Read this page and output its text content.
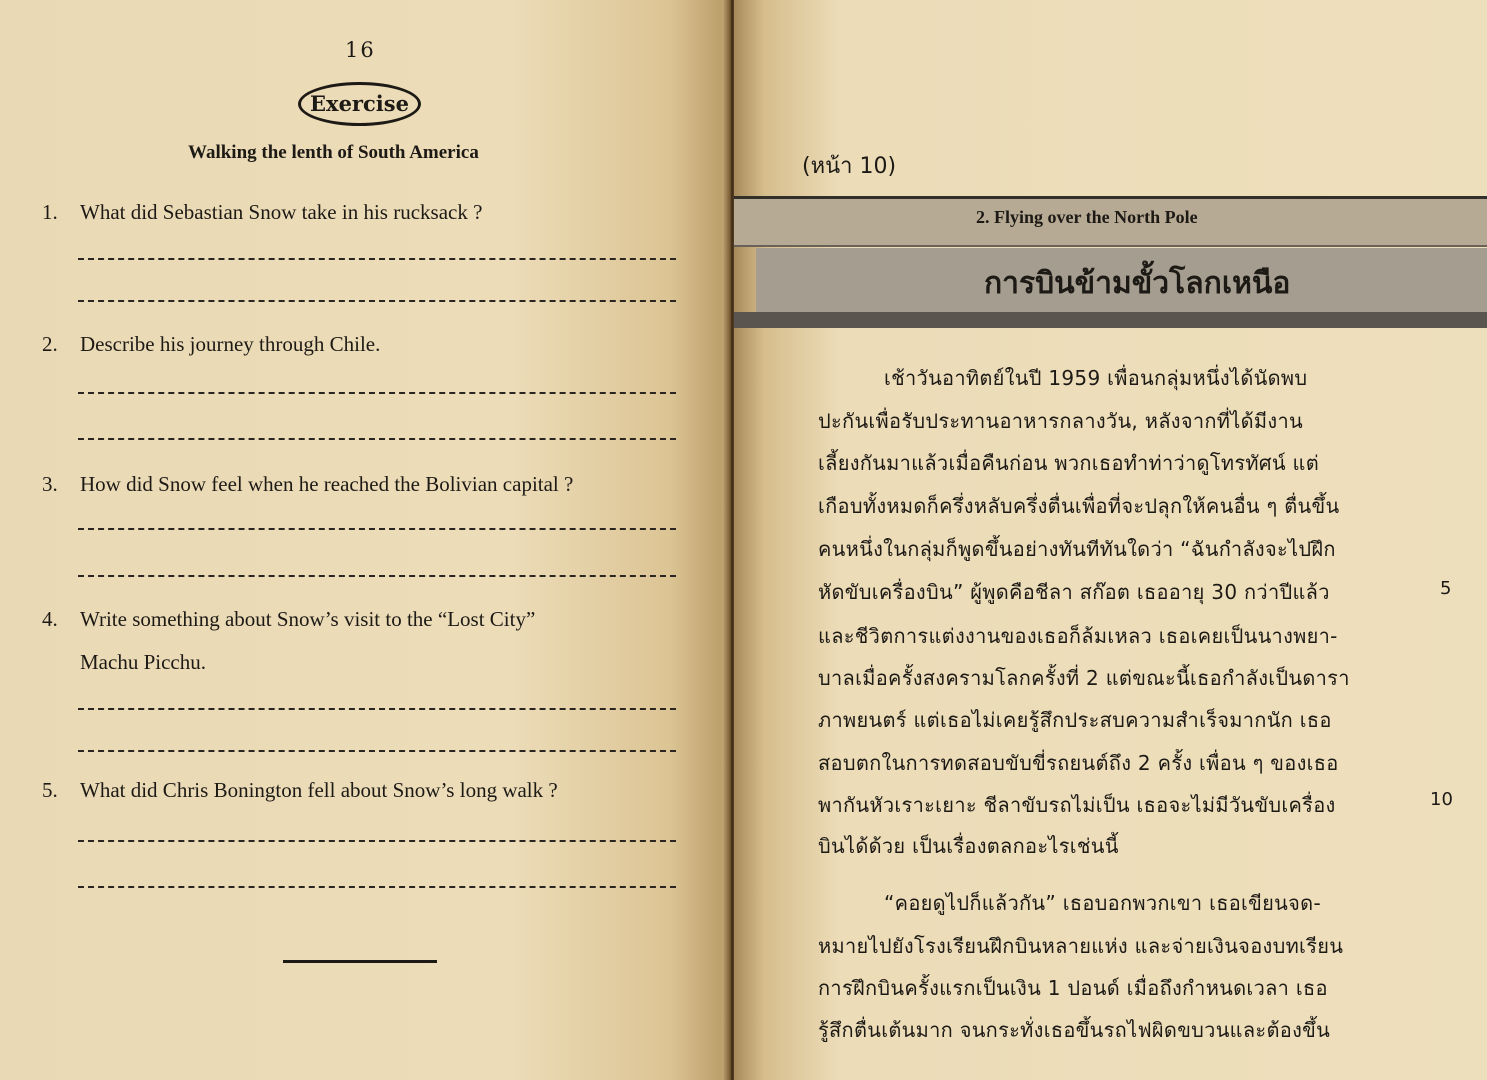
16
Exercise
Walking the lenth of South America
1. What did Sebastian Snow take in his rucksack ?
2. Describe his journey through Chile.
3. How did Snow feel when he reached the Bolivian capital ?
4. Write something about Snow’s visit to the “Lost City”
Machu Picchu.
5. What did Chris Bonington fell about Snow’s long walk ?
(หน้า 10)
2. Flying over the North Pole
การบินข้ามขั้วโลกเหนือ
เช้าวันอาทิตย์ในปี 1959 เพื่อนกลุ่มหนึ่งได้นัดพบ
ปะกันเพื่อรับประทานอาหารกลางวัน, หลังจากที่ได้มีงาน
เลี้ยงกันมาแล้วเมื่อคืนก่อน พวกเธอทำท่าว่าดูโทรทัศน์ แต่
เกือบทั้งหมดก็ครึ่งหลับครึ่งตื่นเพื่อที่จะปลุกให้คนอื่น ๆ ตื่นขึ้น
คนหนึ่งในกลุ่มก็พูดขึ้นอย่างทันทีทันใดว่า “ฉันกำลังจะไปฝึก
หัดขับเครื่องบิน” ผู้พูดคือชีลา สก๊อต เธออายุ 30 กว่าปีแล้ว
และชีวิตการแต่งงานของเธอก็ล้มเหลว เธอเคยเป็นนางพยา-
บาลเมื่อครั้งสงครามโลกครั้งที่ 2 แต่ขณะนี้เธอกำลังเป็นดารา
ภาพยนตร์ แต่เธอไม่เคยรู้สึกประสบความสำเร็จมากนัก เธอ
สอบตกในการทดสอบขับขี่รถยนต์ถึง 2 ครั้ง เพื่อน ๆ ของเธอ
พากันหัวเราะเยาะ ชีลาขับรถไม่เป็น เธอจะไม่มีวันขับเครื่อง
บินได้ด้วย เป็นเรื่องตลกอะไรเช่นนี้
“คอยดูไปก็แล้วกัน” เธอบอกพวกเขา เธอเขียนจด-
หมายไปยังโรงเรียนฝึกบินหลายแห่ง และจ่ายเงินจองบทเรียน
การฝึกบินครั้งแรกเป็นเงิน 1 ปอนด์ เมื่อถึงกำหนดเวลา เธอ
รู้สึกตื่นเต้นมาก จนกระทั่งเธอขึ้นรถไฟผิดขบวนและต้องขึ้น
5
10
